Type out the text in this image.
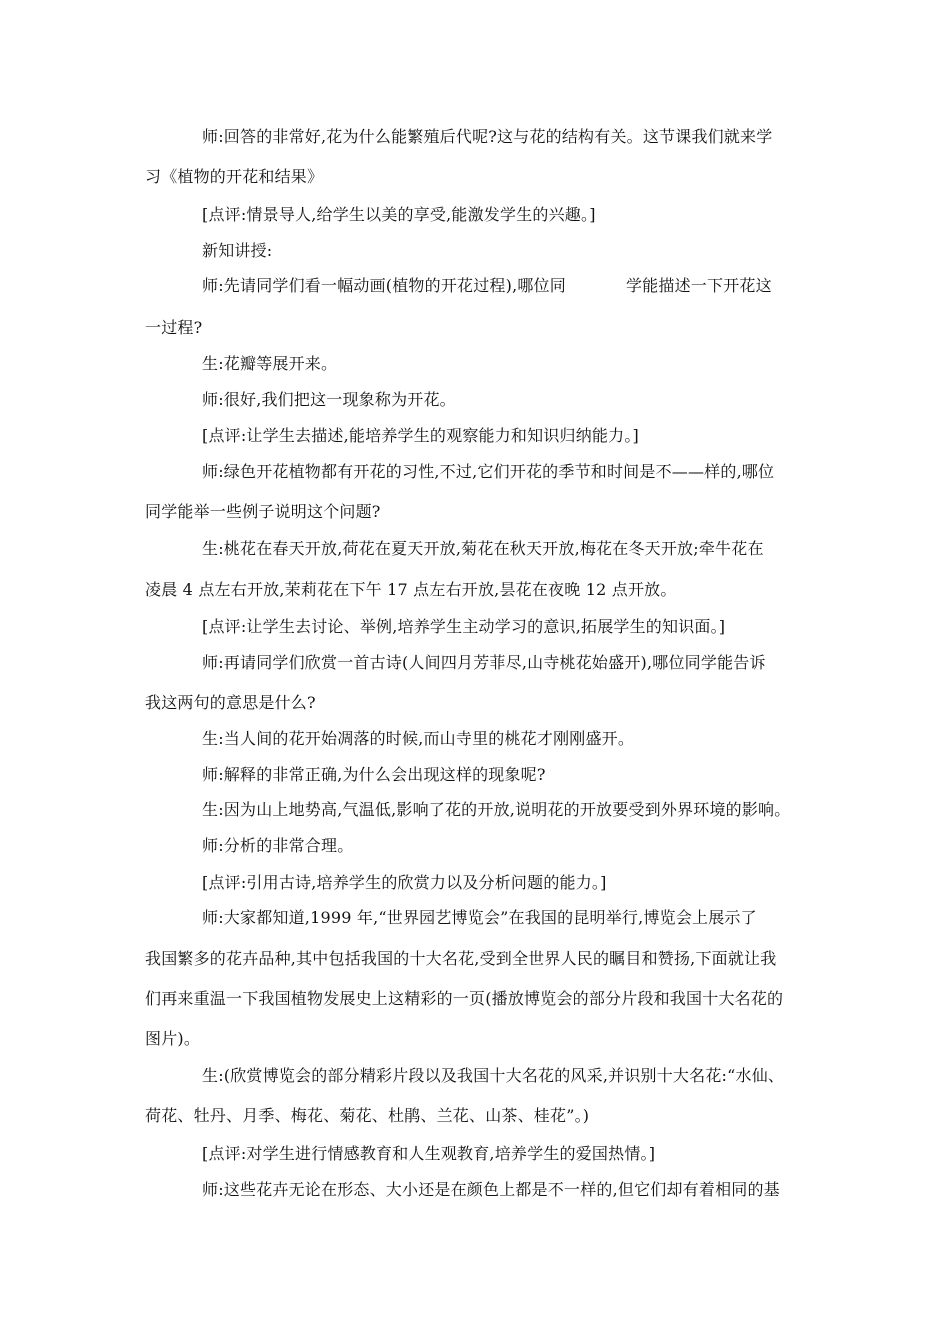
师:回答的非常好,花为什么能繁殖后代呢?这与花的结构有关。这节课我们就来学
习《植物的开花和结果》
[点评:情景导人,给学生以美的享受,能激发学生的兴趣。]
新知讲授:
师:先请同学们看一幅动画(植物的开花过程),哪位同	学能描述一下开花这
一过程?
生:花瓣等展开来。
师:很好,我们把这一现象称为开花。
[点评:让学生去描述,能培养学生的观察能力和知识归纳能力。]
师:绿色开花植物都有开花的习性,不过,它们开花的季节和时间是不——样的,哪位
同学能举一些例子说明这个问题?
生:桃花在春天开放,荷花在夏天开放,菊花在秋天开放,梅花在冬天开放;牵牛花在
凌晨 4 点左右开放,茉莉花在下午 17 点左右开放,昙花在夜晚 12 点开放。
[点评:让学生去讨论、举例,培养学生主动学习的意识,拓展学生的知识面。]
师:再请同学们欣赏一首古诗(人间四月芳菲尽,山寺桃花始盛开),哪位同学能告诉
我这两句的意思是什么?
生:当人间的花开始凋落的时候,而山寺里的桃花才刚刚盛开。
师:解释的非常正确,为什么会出现这样的现象呢?
生:因为山上地势高,气温低,影响了花的开放,说明花的开放要受到外界环境的影响。
师:分析的非常合理。
[点评:引用古诗,培养学生的欣赏力以及分析问题的能力。]
师:大家都知道,1999 年,“世界园艺博览会”在我国的昆明举行,博览会上展示了
我国繁多的花卉品种,其中包括我国的十大名花,受到全世界人民的瞩目和赞扬,下面就让我
们再来重温一下我国植物发展史上这精彩的一页(播放博览会的部分片段和我国十大名花的
图片)。
生:(欣赏博览会的部分精彩片段以及我国十大名花的风采,并识别十大名花:“水仙、
荷花、牡丹、月季、梅花、菊花、杜鹃、兰花、山茶、桂花”。)
[点评:对学生进行情感教育和人生观教育,培养学生的爱国热情。]
师:这些花卉无论在形态、大小还是在颜色上都是不一样的,但它们却有着相同的基
